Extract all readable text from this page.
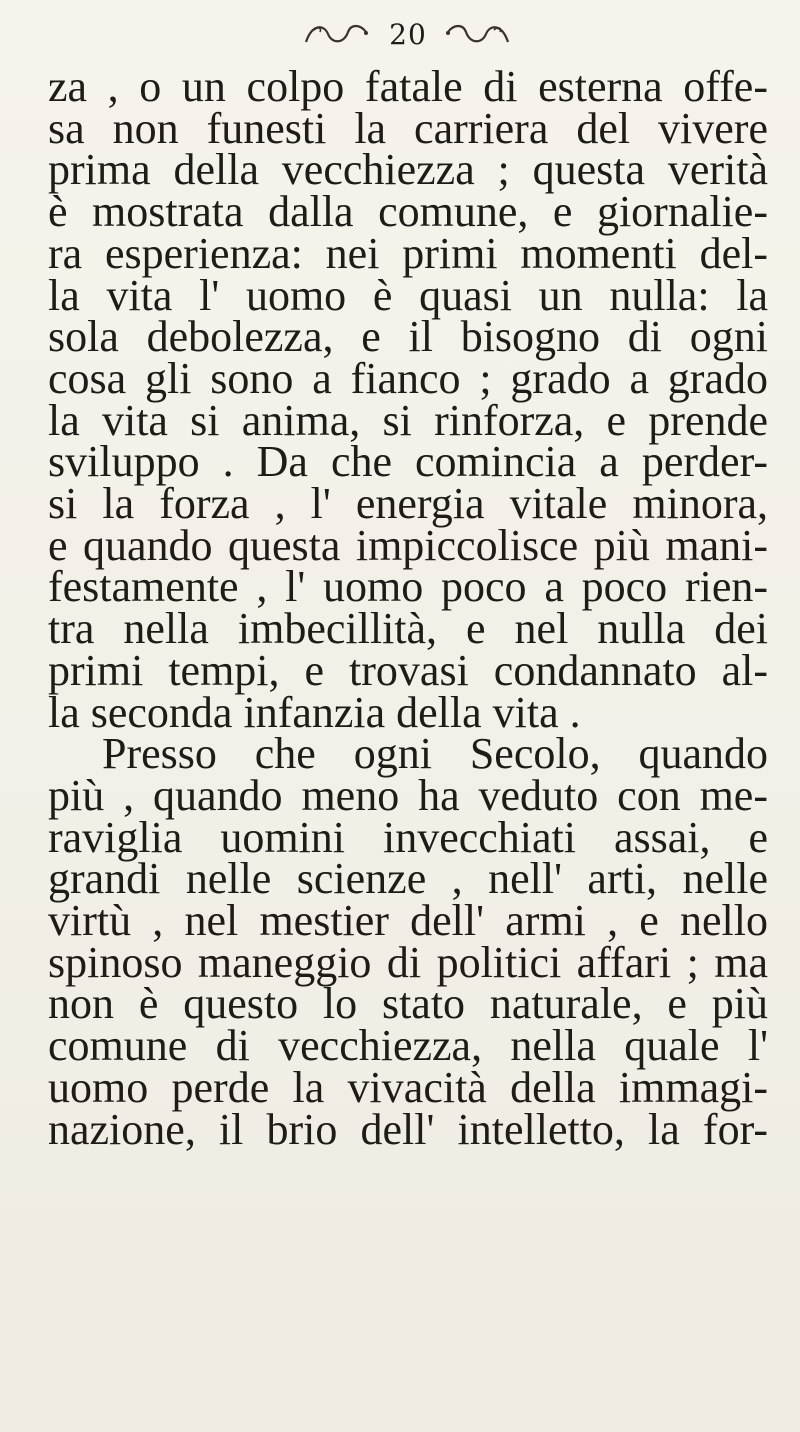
20
za , o un colpo fatale di esterna offe-
sa non funesti la carriera del vivere
prima della vecchiezza ; questa verità
è mostrata dalla comune, e giornalie-
ra esperienza: nei primi momenti del-
la vita l' uomo è quasi un nulla: la
sola debolezza, e il bisogno di ogni
cosa gli sono a fianco ; grado a grado
la vita si anima, si rinforza, e prende
sviluppo . Da che comincia a perder-
si la forza , l' energia vitale minora,
e quando questa impiccolisce più mani-
festamente , l' uomo poco a poco rien-
tra nella imbecillità, e nel nulla dei
primi tempi, e trovasi condannato al-
la seconda infanzia della vita .
Presso che ogni Secolo, quando
più , quando meno ha veduto con me-
raviglia uomini invecchiati assai, e
grandi nelle scienze , nell' arti, nelle
virtù , nel mestier dell' armi , e nello
spinoso maneggio di politici affari ; ma
non è questo lo stato naturale, e più
comune di vecchiezza, nella quale l'
uomo perde la vivacità della immagi-
nazione, il brio dell' intelletto, la for-
